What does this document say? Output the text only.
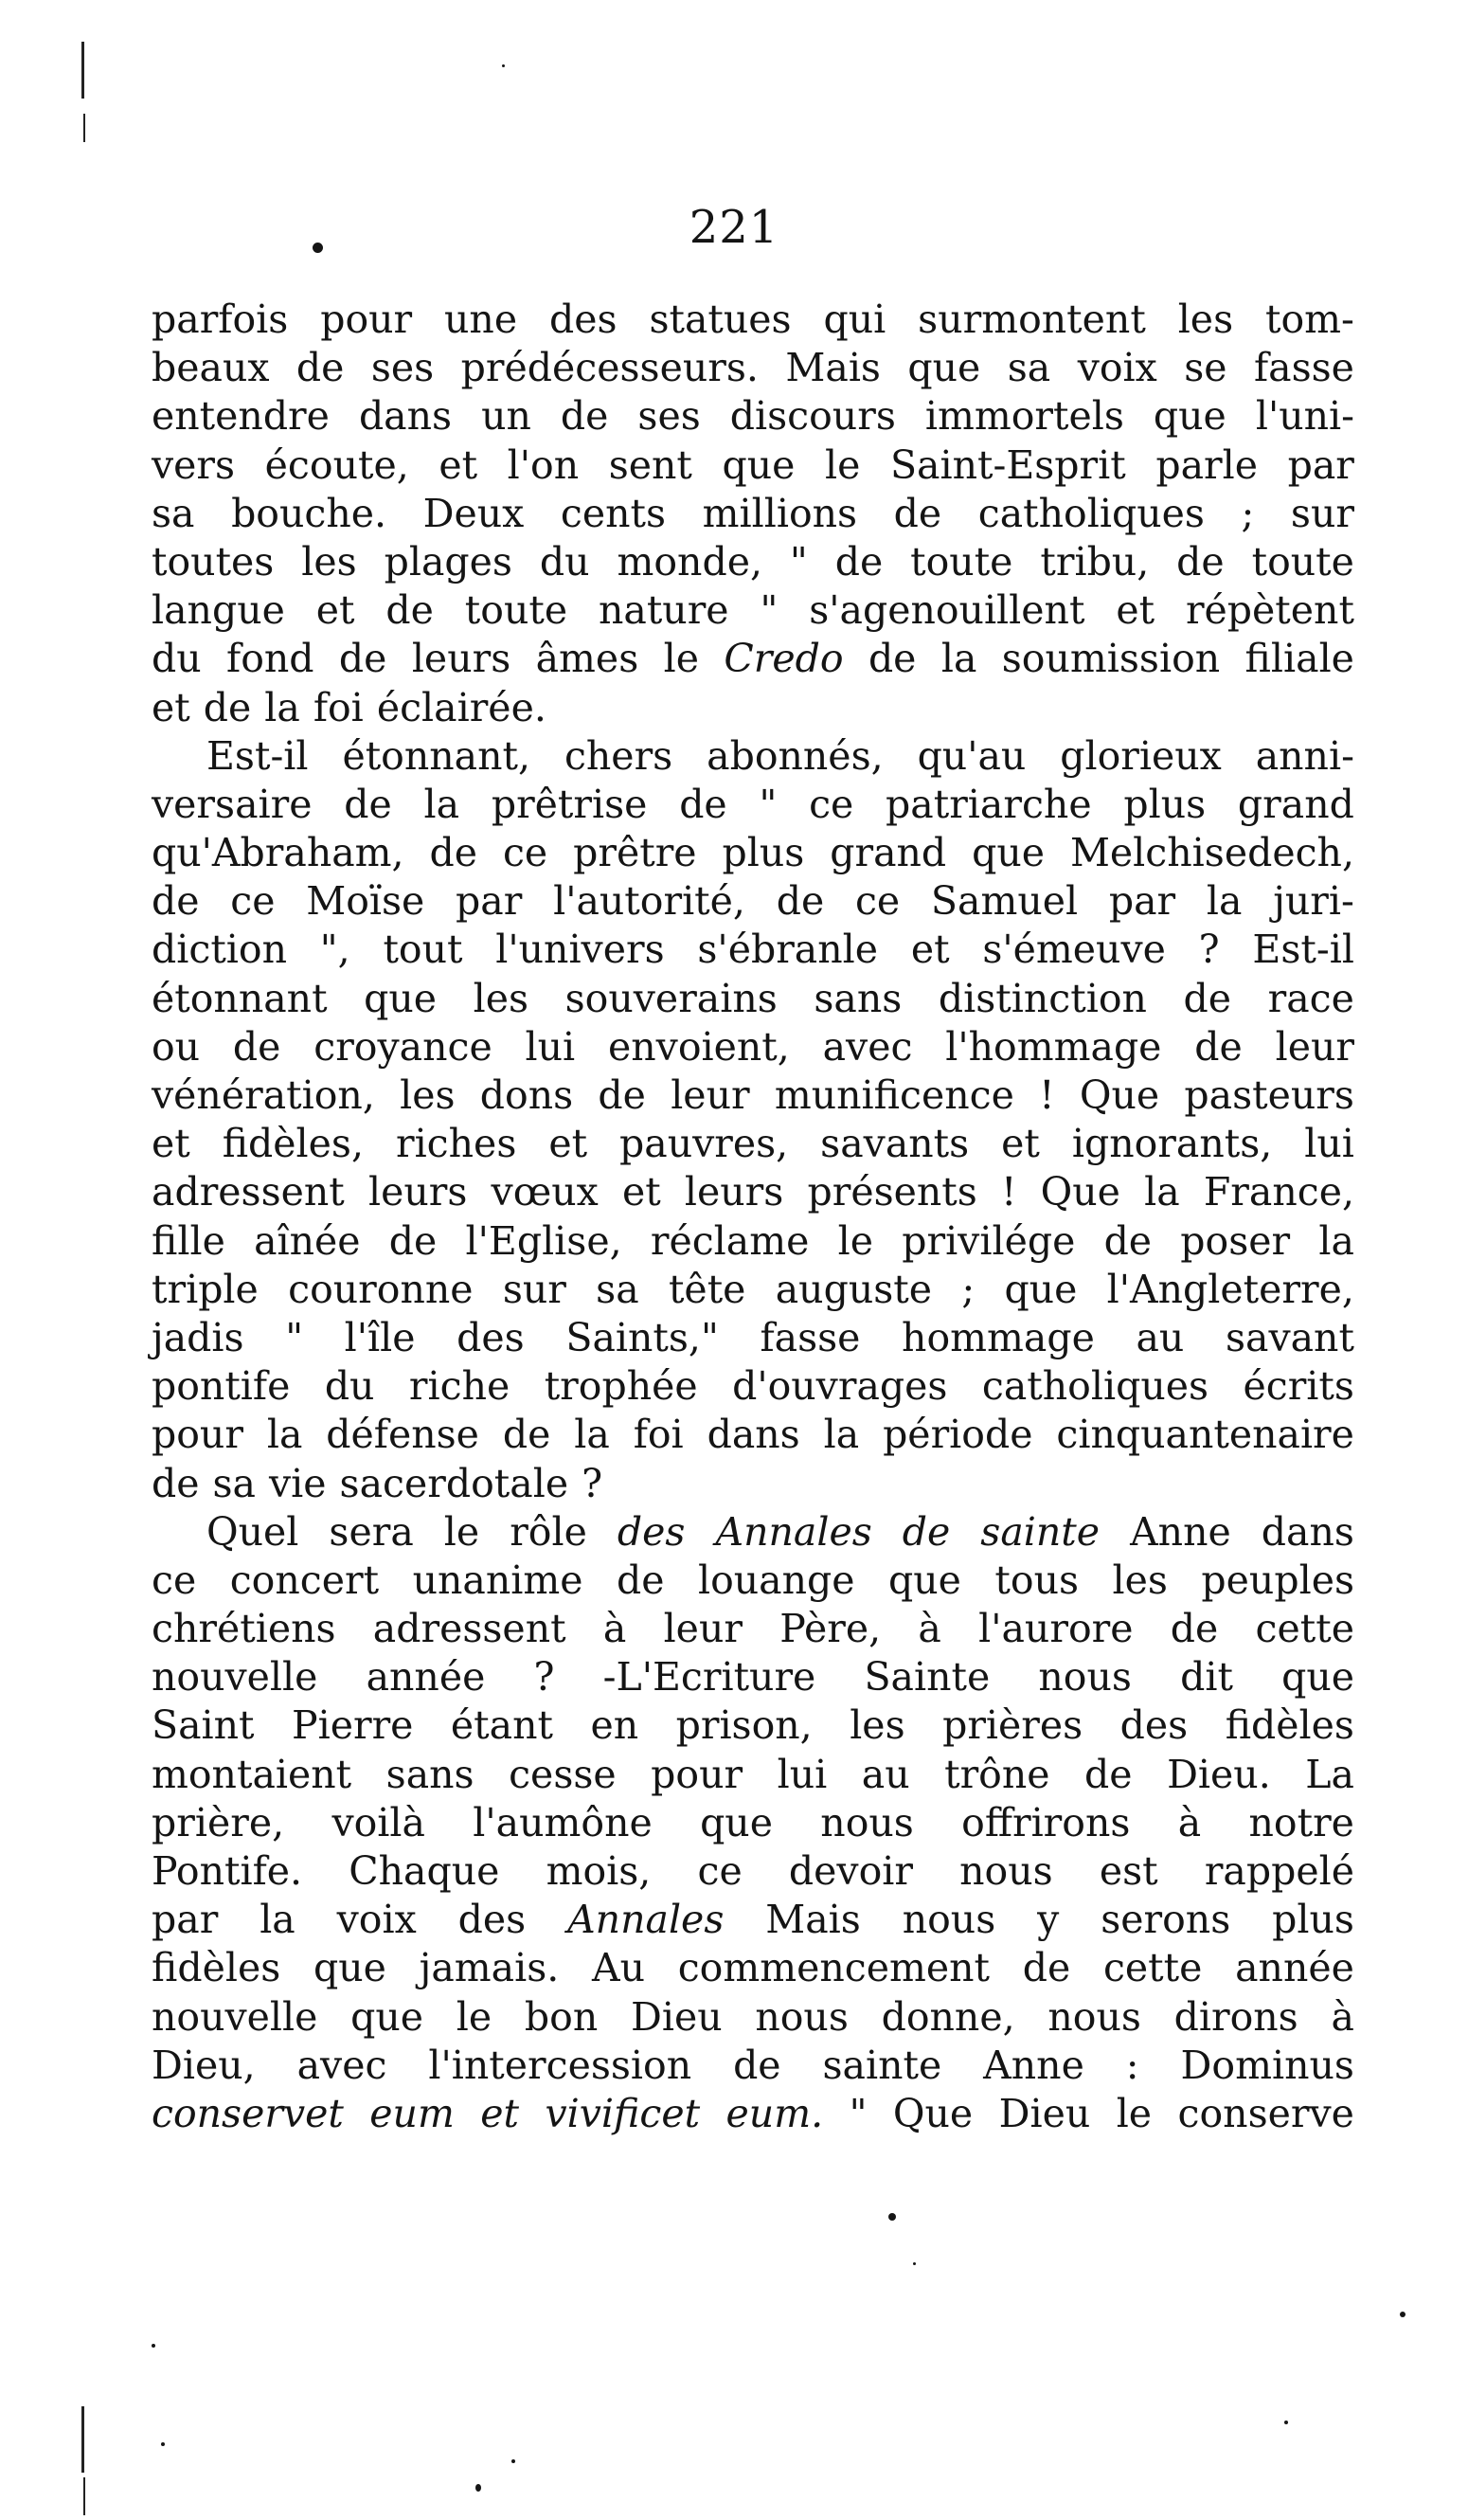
221
parfois pour une des statues qui surmontent les tom-
beaux de ses prédécesseurs. Mais que sa voix se fasse
entendre dans un de ses discours immortels que l'uni-
vers écoute, et l'on sent que le Saint-Esprit parle par
sa bouche. Deux cents millions de catholiques ; sur
toutes les plages du monde, " de toute tribu, de toute
langue et de toute nature " s'agenouillent et répètent
du fond de leurs âmes le Credo de la soumission filiale
et de la foi éclairée.
Est-il étonnant, chers abonnés, qu'au glorieux anni-
versaire de la prêtrise de " ce patriarche plus grand
qu'Abraham, de ce prêtre plus grand que Melchisedech,
de ce Moïse par l'autorité, de ce Samuel par la juri-
diction ", tout l'univers s'ébranle et s'émeuve ? Est-il
étonnant que les souverains sans distinction de race
ou de croyance lui envoient, avec l'hommage de leur
vénération, les dons de leur munificence ! Que pasteurs
et fidèles, riches et pauvres, savants et ignorants, lui
adressent leurs vœux et leurs présents ! Que la France,
fille aînée de l'Eglise, réclame le privilége de poser la
triple couronne sur sa tête auguste ; que l'Angleterre,
jadis " l'île des Saints," fasse hommage au savant
pontife du riche trophée d'ouvrages catholiques écrits
pour la défense de la foi dans la période cinquantenaire
de sa vie sacerdotale ?
Quel sera le rôle des Annales de sainte Anne dans
ce concert unanime de louange que tous les peuples
chrétiens adressent à leur Père, à l'aurore de cette
nouvelle année ? -L'Ecriture Sainte nous dit que
Saint Pierre étant en prison, les prières des fidèles
montaient sans cesse pour lui au trône de Dieu. La
prière, voilà l'aumône que nous offrirons à notre
Pontife. Chaque mois, ce devoir nous est rappelé
par la voix des Annales Mais nous y serons plus
fidèles que jamais. Au commencement de cette année
nouvelle que le bon Dieu nous donne, nous dirons à
Dieu, avec l'intercession de sainte Anne : Dominus
conservet eum et vivificet eum. " Que Dieu le conserve
